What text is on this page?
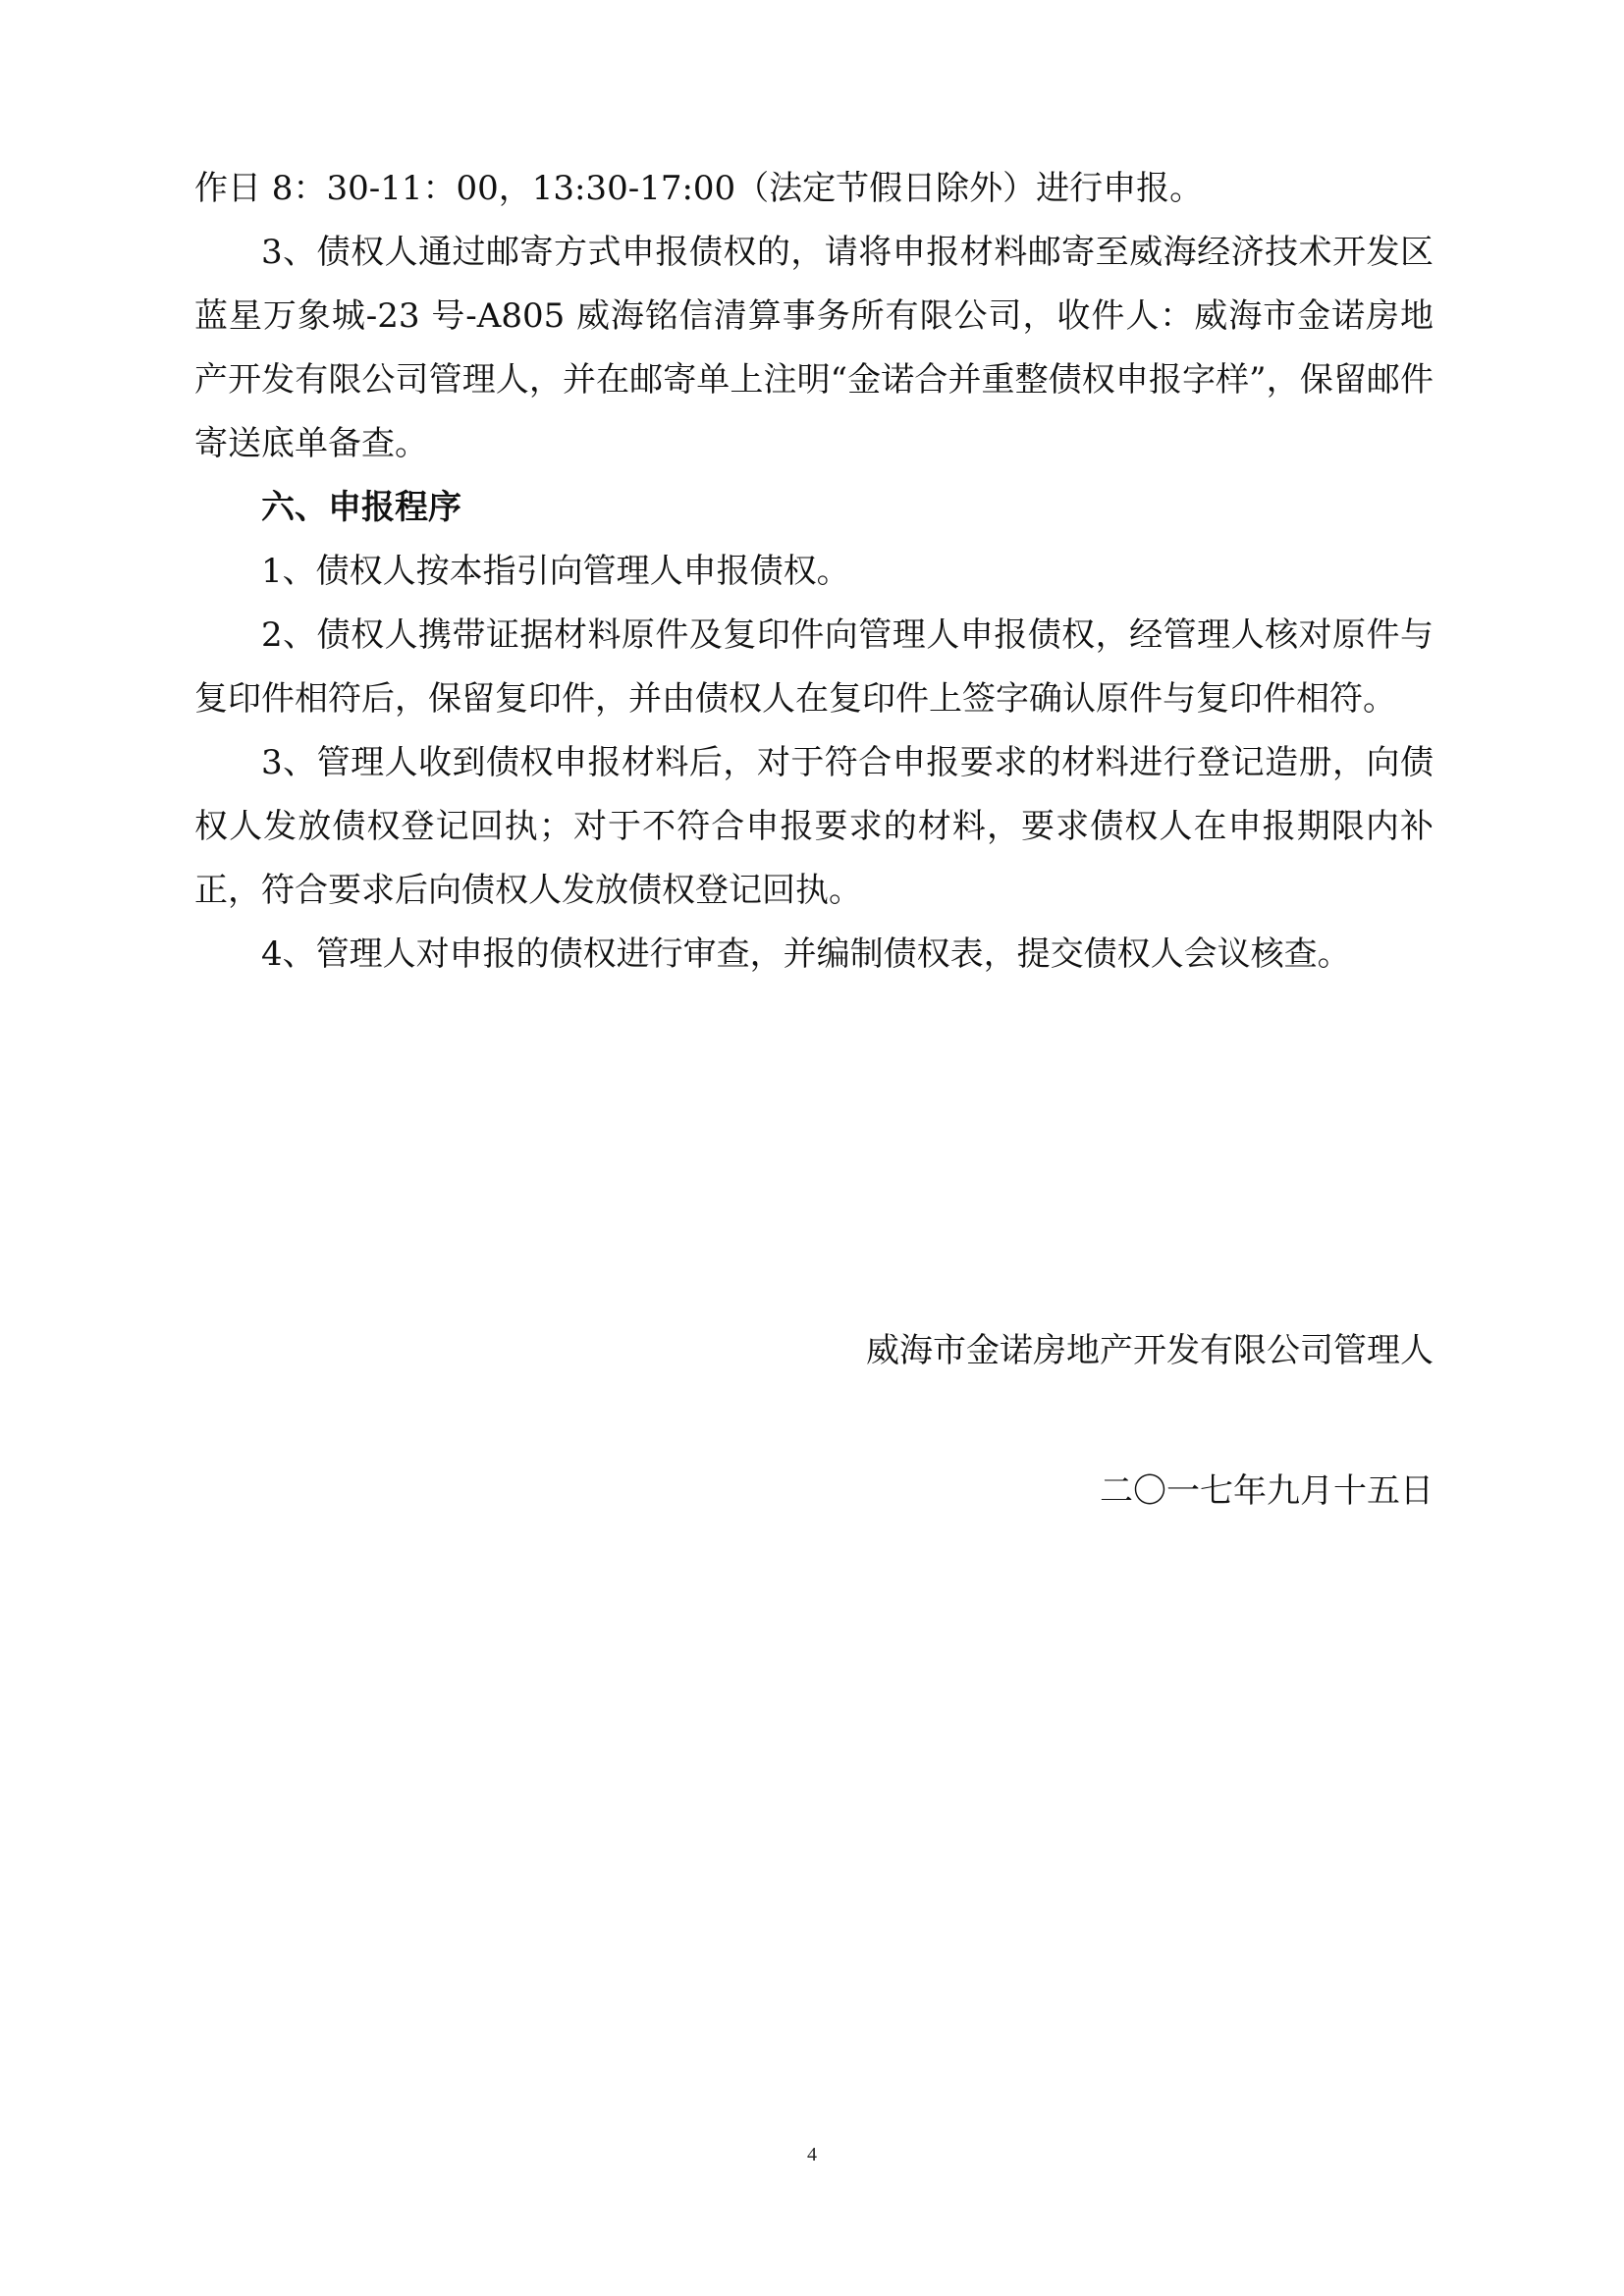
作日 8：30-11：00，13:30-17:00（法定节假日除外）进行申报。

3、债权人通过邮寄方式申报债权的，请将申报材料邮寄至威海经济技术开发区蓝星万象城-23 号-A805 威海铭信清算事务所有限公司，收件人：威海市金诺房地产开发有限公司管理人，并在邮寄单上注明“金诺合并重整债权申报字样”，保留邮件寄送底单备查。

六、申报程序

1、债权人按本指引向管理人申报债权。

2、债权人携带证据材料原件及复印件向管理人申报债权，经管理人核对原件与复印件相符后，保留复印件，并由债权人在复印件上签字确认原件与复印件相符。

3、管理人收到债权申报材料后，对于符合申报要求的材料进行登记造册，向债权人发放债权登记回执；对于不符合申报要求的材料，要求债权人在申报期限内补正，符合要求后向债权人发放债权登记回执。

4、管理人对申报的债权进行审查，并编制债权表，提交债权人会议核查。

威海市金诺房地产开发有限公司管理人
二〇一七年九月十五日
4
